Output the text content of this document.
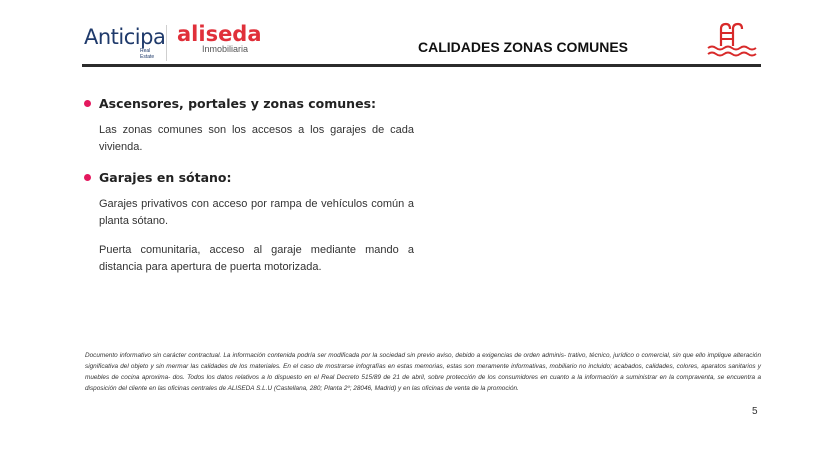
Anticipa
Real Estate
aliseda
Inmobiliaria	CALIDADES ZONAS COMUNES
Ascensores, portales y zonas comunes:

Las zonas comunes son los accesos a los garajes de cada vivienda.

Garajes en sótano:

Garajes privativos con acceso por rampa de vehículos común a planta sótano.

Puerta comunitaria, acceso al garaje mediante mando a distancia para apertura de puerta motorizada.

Documento informativo sin carácter contractual. La información contenida podría ser modificada por la sociedad sin previo aviso, debido a exigencias de orden adminis- trativo, técnico, jurídico o comercial, sin que ello implique alteración significativa del objeto y sin mermar las calidades de los materiales. En el caso de mostrarse infografías en estas memorias, estas son meramente informativas, mobiliario no incluido; acabados, calidades, colores, aparatos sanitarios y muebles de cocina aproxima- dos. Todos los datos relativos a lo dispuesto en el Real Decreto 515/89 de 21 de abril, sobre protección de los consumidores en cuanto a la información a suministrar en la compraventa, se encuentra a disposición del cliente en las oficinas centrales de ALISEDA S.L.U (Castellana, 280; Planta 2º; 28046, Madrid) y en las oficinas de venta de la promoción.
5
